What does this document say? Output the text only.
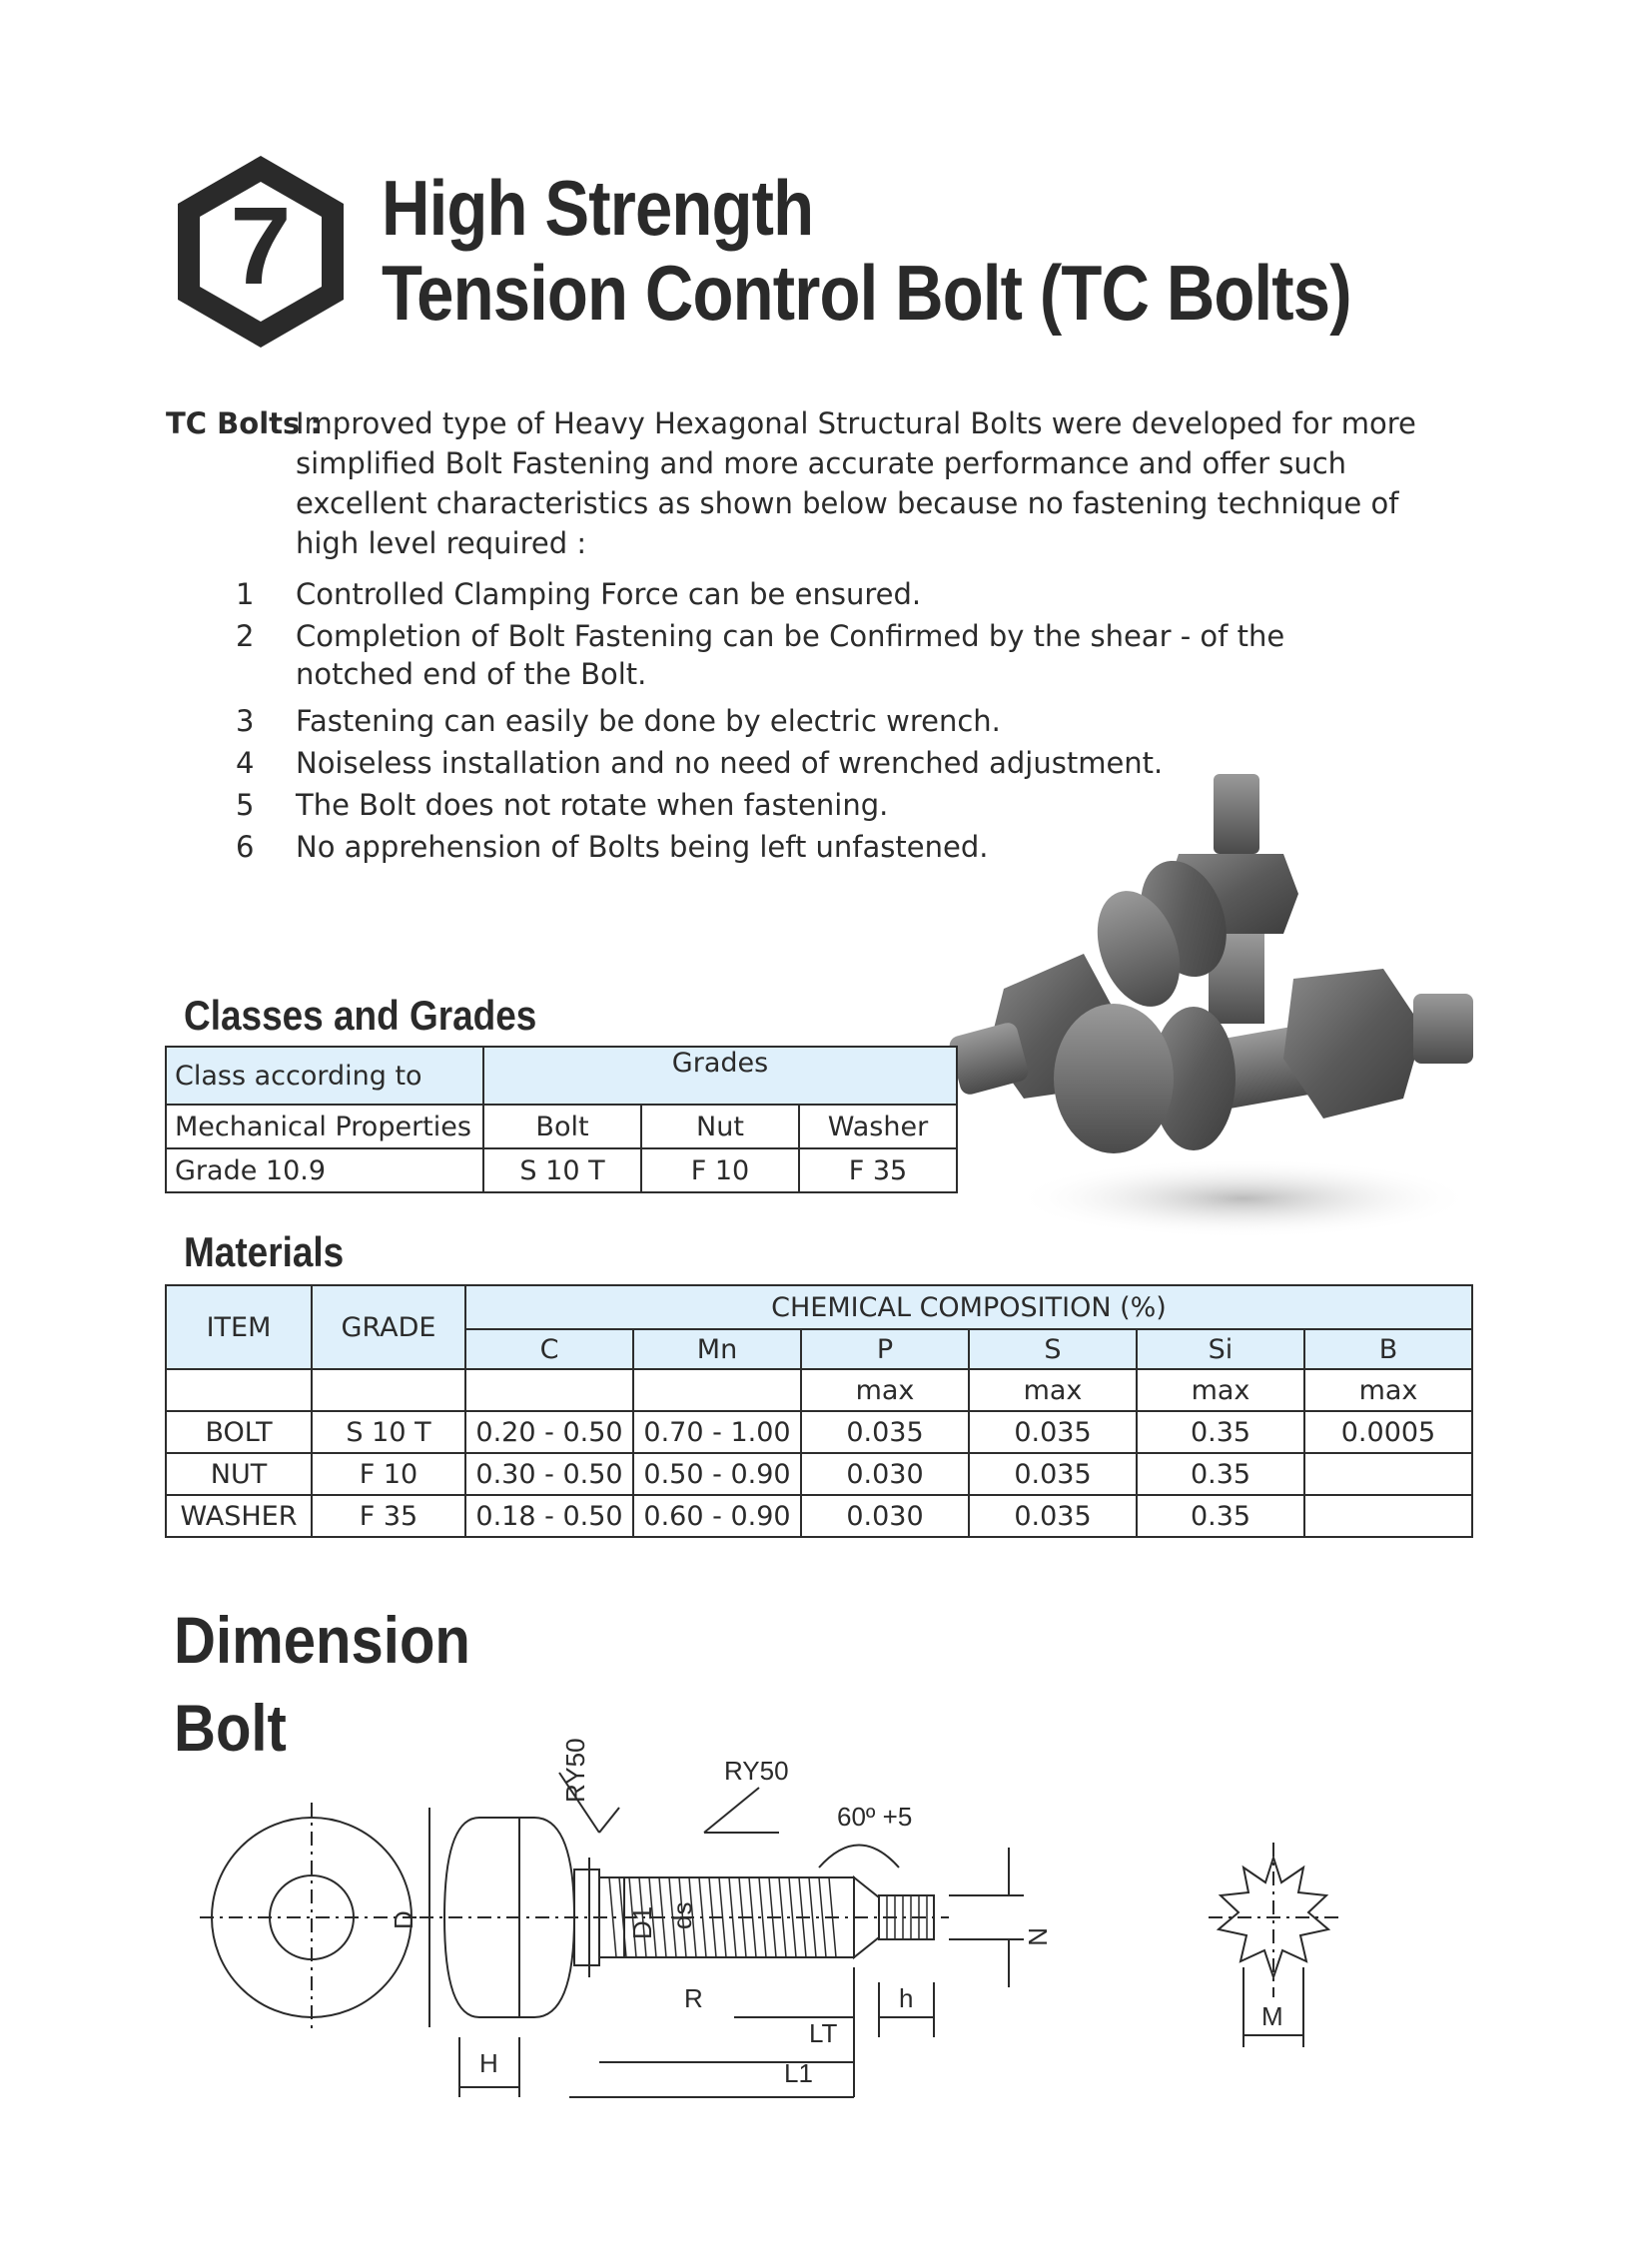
7 High Strength
Tension Control Bolt (TC Bolts)
TC Bolts :
Improved type of Heavy Hexagonal Structural Bolts were developed for more simplified Bolt Fastening and more accurate performance and offer such excellent characteristics as shown below because no fastening technique of high level required :
1 Controlled Clamping Force can be ensured.
2 Completion of Bolt Fastening can be Confirmed by the shear - of the notched end of the Bolt.
3 Fastening can easily be done by electric wrench.
4 Noiseless installation and no need of wrenched adjustment.
5 The Bolt does not rotate when fastening.
6 No apprehension of Bolts being left unfastened.
Classes and Grades
Class according to	Grades		
Mechanical Properties	Bolt	Nut	Washer
Grade 10.9	S 10 T	F 10	F 35
Materials
ITEM	GRADE	CHEMICAL COMPOSITION (%)					
		C	Mn	P	S	Si	B
				max	max	max	max
BOLT	S 10 T	0.20 - 0.50	0.70 - 1.00	0.035	0.035	0.35	0.0005
NUT	F 10	0.30 - 0.50	0.50 - 0.90	0.030	0.035	0.35	
WASHER	F 35	0.18 - 0.50	0.60 - 0.90	0.030	0.035	0.35	
Dimension
Bolt
RY50	RY50
60º +5
D	D1 ds
R
H
LT
L1
h
N
M
